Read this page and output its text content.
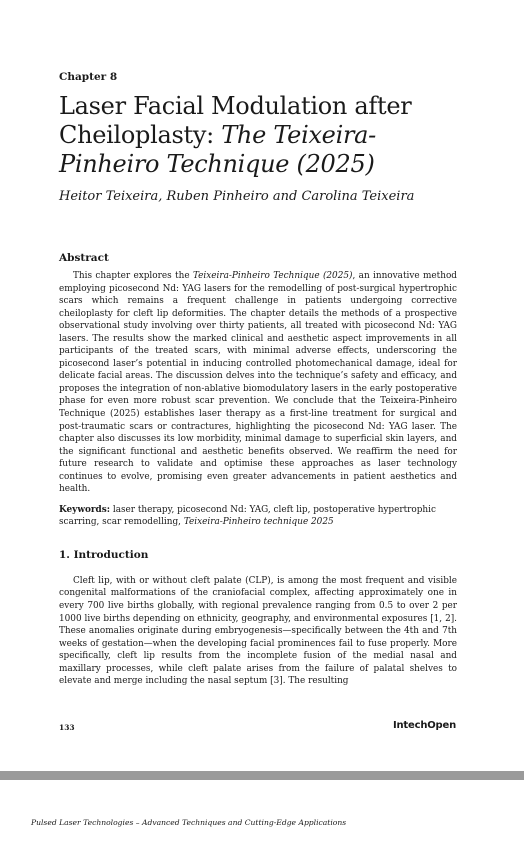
Chapter 8

Laser Facial Modulation after Cheiloplasty: The Teixeira-Pinheiro Technique (2025)

Heitor Teixeira, Ruben Pinheiro and Carolina Teixeira

Abstract

This chapter explores the Teixeira-Pinheiro Technique (2025), an innovative method employing picosecond Nd: YAG lasers for the remodelling of post-surgical hypertrophic scars which remains a frequent challenge in patients undergoing corrective cheiloplasty for cleft lip deformities. The chapter details the methods of a prospective observational study involving over thirty patients, all treated with picosecond Nd: YAG lasers. The results show the marked clinical and aesthetic aspect improvements in all participants of the treated scars, with minimal adverse effects, underscoring the picosecond laser’s potential in inducing controlled photomechanical damage, ideal for delicate facial areas. The discussion delves into the technique’s safety and efficacy, and proposes the integration of non-ablative biomodulatory lasers in the early postoperative phase for even more robust scar prevention. We conclude that the Teixeira-Pinheiro Technique (2025) establishes laser therapy as a first-line treatment for surgical and post-traumatic scars or contractures, highlighting the picosecond Nd: YAG laser. The chapter also discusses its low morbidity, minimal damage to superficial skin layers, and the significant functional and aesthetic benefits observed. We reaffirm the need for future research to validate and optimise these approaches as laser technology continues to evolve, promising even greater advancements in patient aesthetics and health.

Keywords: laser therapy, picosecond Nd: YAG, cleft lip, postoperative hypertrophic scarring, scar remodelling, Teixeira-Pinheiro technique 2025

1. Introduction

Cleft lip, with or without cleft palate (CLP), is among the most frequent and visible congenital malformations of the craniofacial complex, affecting approximately one in every 700 live births globally, with regional prevalence ranging from 0.5 to over 2 per 1000 live births depending on ethnicity, geography, and environmental exposures [1, 2]. These anomalies originate during embryogenesis—specifically between the 4th and 7th weeks of gestation—when the developing facial prominences fail to fuse properly. More specifically, cleft lip results from the incomplete fusion of the medial nasal and maxillary processes, while cleft palate arises from the failure of palatal shelves to elevate and merge including the nasal septum [3]. The resulting

133	IntechOpen
Pulsed Laser Technologies – Advanced Techniques and Cutting-Edge Applications
